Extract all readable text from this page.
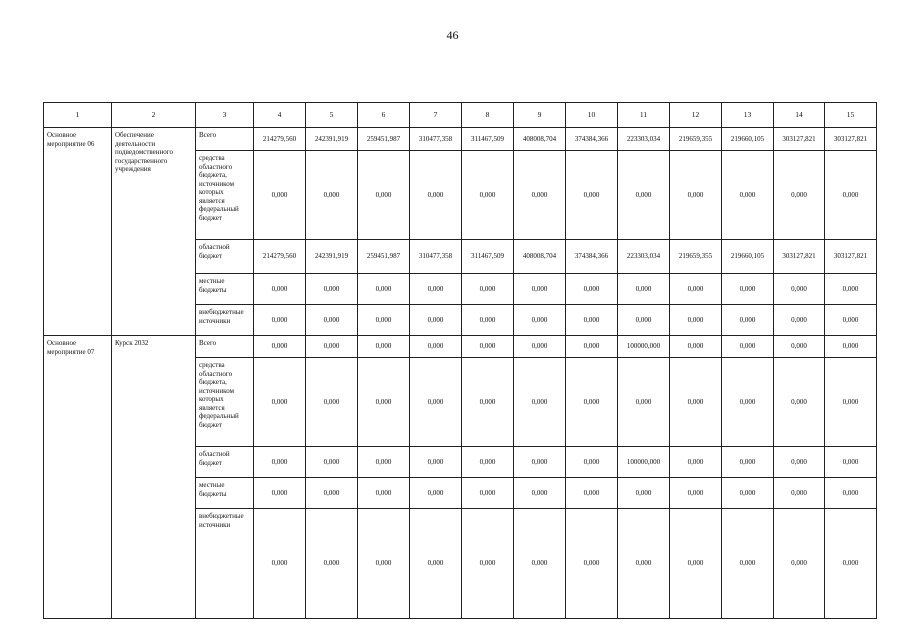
46
1	2	3	4	5	6	7	8	9	10	11	12	13	14	15
Основное мероприятие 06	Обеспечение деятельности подведомственного государственного учреждения	Всего	214279,560	242391,919	259451,987	310477,358	311467,509	408008,704	374384,366	223303,034	219659,355	219660,105	303127,821	303127,821
		средства областного бюджета, источником которых является федеральный бюджет	0,000	0,000	0,000	0,000	0,000	0,000	0,000	0,000	0,000	0,000	0,000	0,000
		областной бюджет	214279,560	242391,919	259451,987	310477,358	311467,509	408008,704	374384,366	223303,034	219659,355	219660,105	303127,821	303127,821
		местные бюджеты	0,000	0,000	0,000	0,000	0,000	0,000	0,000	0,000	0,000	0,000	0,000	0,000
		внебюджетные источники	0,000	0,000	0,000	0,000	0,000	0,000	0,000	0,000	0,000	0,000	0,000	0,000
Основное мероприятие 07	Курск 2032	Всего	0,000	0,000	0,000	0,000	0,000	0,000	0,000	100000,000	0,000	0,000	0,000	0,000
		средства областного бюджета, источником которых является федеральный бюджет	0,000	0,000	0,000	0,000	0,000	0,000	0,000	0,000	0,000	0,000	0,000	0,000
		областной бюджет	0,000	0,000	0,000	0,000	0,000	0,000	0,000	100000,000	0,000	0,000	0,000	0,000
		местные бюджеты	0,000	0,000	0,000	0,000	0,000	0,000	0,000	0,000	0,000	0,000	0,000	0,000
		внебюджетные источники	0,000	0,000	0,000	0,000	0,000	0,000	0,000	0,000	0,000	0,000	0,000	0,000
